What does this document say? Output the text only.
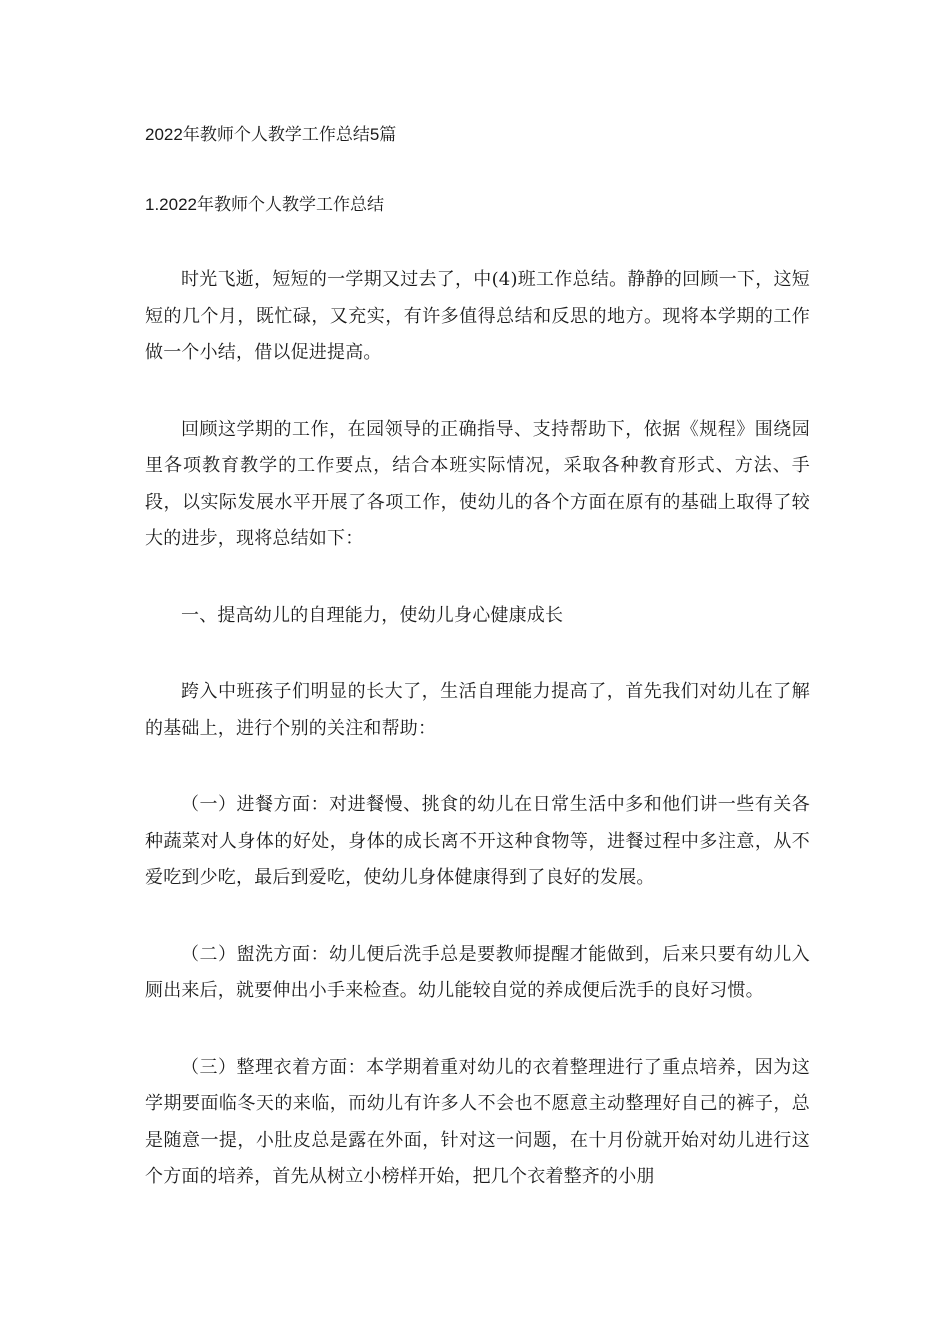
2022年教师个人教学工作总结5篇
1.2022年教师个人教学工作总结

时光飞逝，短短的一学期又过去了，中(4)班工作总结。静静的回顾一下，这短短的几个月，既忙碌，又充实，有许多值得总结和反思的地方。现将本学期的工作做一个小结，借以促进提高。

回顾这学期的工作，在园领导的正确指导、支持帮助下，依据《规程》围绕园里各项教育教学的工作要点，结合本班实际情况，采取各种教育形式、方法、手段，以实际发展水平开展了各项工作，使幼儿的各个方面在原有的基础上取得了较大的进步，现将总结如下：

一、提高幼儿的自理能力，使幼儿身心健康成长

跨入中班孩子们明显的长大了，生活自理能力提高了，首先我们对幼儿在了解的基础上，进行个别的关注和帮助：

（一）进餐方面：对进餐慢、挑食的幼儿在日常生活中多和他们讲一些有关各种蔬菜对人身体的好处，身体的成长离不开这种食物等，进餐过程中多注意，从不爱吃到少吃，最后到爱吃，使幼儿身体健康得到了良好的发展。

（二）盥洗方面：幼儿便后洗手总是要教师提醒才能做到，后来只要有幼儿入厕出来后，就要伸出小手来检查。幼儿能较自觉的养成便后洗手的良好习惯。

（三）整理衣着方面：本学期着重对幼儿的衣着整理进行了重点培养，因为这学期要面临冬天的来临，而幼儿有许多人不会也不愿意主动整理好自己的裤子，总是随意一提，小肚皮总是露在外面，针对这一问题，在十月份就开始对幼儿进行这个方面的培养，首先从树立小榜样开始，把几个衣着整齐的小朋
